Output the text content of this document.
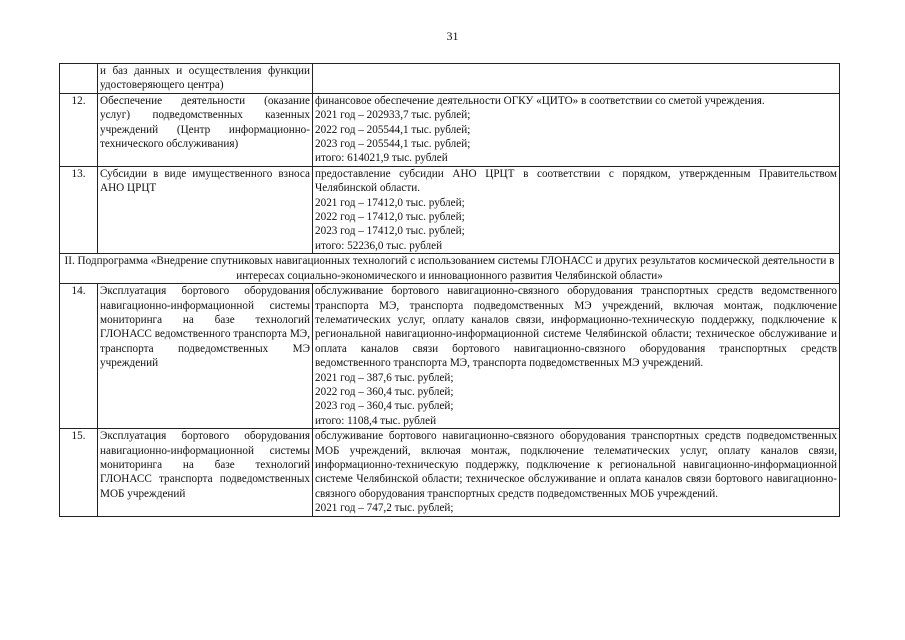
31
	и баз данных и осуществления функции удостоверяющего центра)	
12.	Обеспечение деятельности (оказание услуг) подведомственных казенных учреждений (Центр информационно-технического обслуживания)	финансовое обеспечение деятельности ОГКУ «ЦИТО» в соответствии со сметой учреждения.
2021 год – 202933,7 тыс. рублей;
2022 год – 205544,1 тыс. рублей;
2023 год – 205544,1 тыс. рублей;
итого: 614021,9 тыс. рублей

13.	Субсидии в виде имущественного взноса АНО ЦРЦТ	предоставление субсидии АНО ЦРЦТ в соответствии с порядком, утвержденным Правительством Челябинской области.
2021 год – 17412,0 тыс. рублей;
2022 год – 17412,0 тыс. рублей;
2023 год – 17412,0 тыс. рублей;
итого: 52236,0 тыс. рублей

II. Подпрограмма «Внедрение спутниковых навигационных технологий с использованием системы ГЛОНАСС и других результатов космической деятельности в интересах социально-экономического и инновационного развития Челябинской области»		
14.	Эксплуатация бортового оборудования навигационно-информационной системы мониторинга на базе технологий ГЛОНАСС ведомственного транспорта МЭ, транспорта подведомственных МЭ учреждений	обслуживание бортового навигационно-связного оборудования транспортных средств ведомственного транспорта МЭ, транспорта подведомственных МЭ учреждений, включая монтаж, подключение телематических услуг, оплату каналов связи, информационно-техническую поддержку, подключение к региональной навигационно-информационной системе Челябинской области; техническое обслуживание и оплата каналов связи бортового навигационно-связного оборудования транспортных средств ведомственного транспорта МЭ, транспорта подведомственных МЭ учреждений.
2021 год – 387,6 тыс. рублей;
2022 год – 360,4 тыс. рублей;
2023 год – 360,4 тыс. рублей;
итого: 1108,4 тыс. рублей

15.	Эксплуатация бортового оборудования навигационно-информационной системы мониторинга на базе технологий ГЛОНАСС транспорта подведомственных МОБ учреждений	обслуживание бортового навигационно-связного оборудования транспортных средств подведомственных МОБ учреждений, включая монтаж, подключение телематических услуг, оплату каналов связи, информационно-техническую поддержку, подключение к региональной навигационно-информационной системе Челябинской области; техническое обслуживание и оплата каналов связи бортового навигационно-связного оборудования транспортных средств подведомственных МОБ учреждений.
2021 год – 747,2 тыс. рублей;
